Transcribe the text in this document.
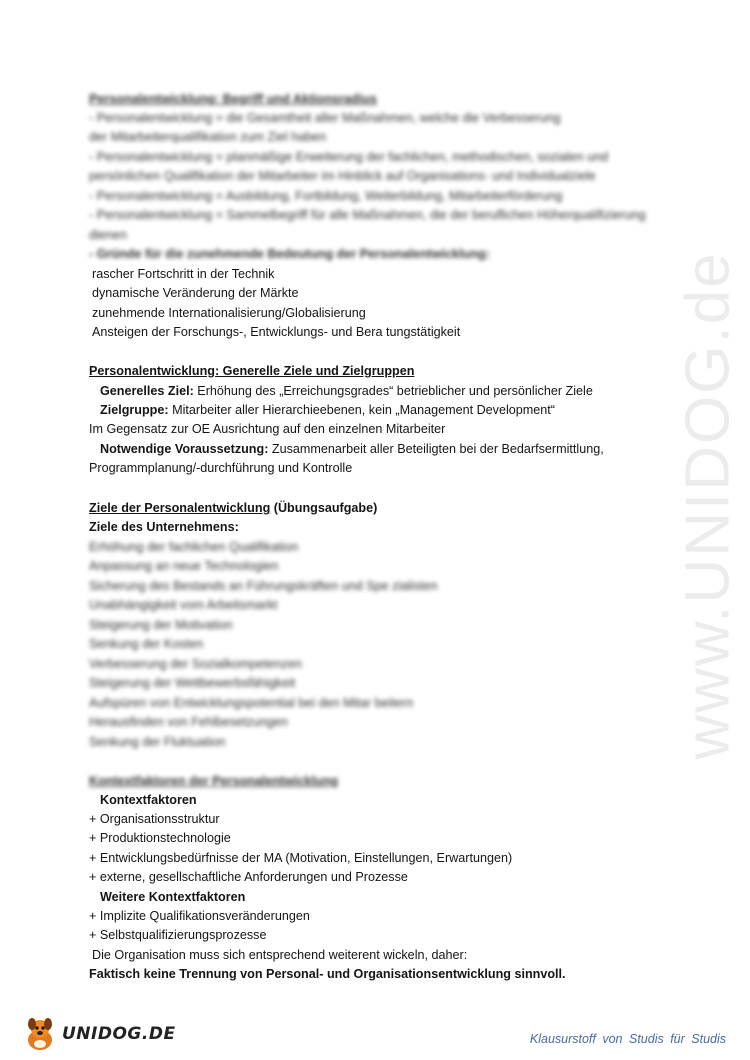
www.UNIDOG.de
Personalentwicklung: Begriff und Aktionsradius
- Personalentwicklung = die Gesamtheit aller Maßnahmen, welche die Verbesserung
der Mitarbeiterqualifikation zum Ziel haben
- Personalentwicklung = planmäßige Erweiterung der fachlichen, methodischen, sozialen und
persönlichen Qualifikation der Mitarbeiter im Hinblick auf Organisations- und Individualziele
- Personalentwicklung = Ausbildung, Fortbildung, Weiterbildung, Mitarbeiterförderung
- Personalentwicklung = Sammelbegriff für alle Maßnahmen, die der beruflichen Höherqualifizierung
dienen
- Gründe für die zunehmende Bedeutung der Personalentwicklung:
rascher Fortschritt in der Technik
dynamische Veränderung der Märkte
zunehmende Internationalisierung/Globalisierung
Ansteigen der Forschungs-, Entwicklungs- und Bera tungstätigkeit
Personalentwicklung: Generelle Ziele und Zielgruppen
Generelles Ziel: Erhöhung des „Erreichungsgrades“ betrieblicher und persönlicher Ziele
Zielgruppe: Mitarbeiter aller Hierarchieebenen, kein „Management Development“
Im Gegensatz zur OE Ausrichtung auf den einzelnen Mitarbeiter
Notwendige Voraussetzung: Zusammenarbeit aller Beteiligten bei der Bedarfsermittlung,
Programmplanung/-durchführung und Kontrolle
Ziele der Personalentwicklung (Übungsaufgabe)
Ziele des Unternehmens:
Erhöhung der fachlichen Qualifikation
Anpassung an neue Technologien
Sicherung des Bestands an Führungskräften und Spe zialisten
Unabhängigkeit vom Arbeitsmarkt
Steigerung der Motivation
Senkung der Kosten
Verbesserung der Sozialkompetenzen
Steigerung der Wettbewerbsfähigkeit
Aufspüren von Entwicklungspotential bei den Mitar beitern
Herausfinden von Fehlbesetzungen
Senkung der Fluktuation
Kontextfaktoren der Personalentwicklung
Kontextfaktoren
+ Organisationsstruktur
+ Produktionstechnologie
+ Entwicklungsbedürfnisse der MA (Motivation, Einstellungen, Erwartungen)
+ externe, gesellschaftliche Anforderungen und Prozesse
Weitere Kontextfaktoren
+ Implizite Qualifikationsveränderungen
+ Selbstqualifizierungsprozesse
Die Organisation muss sich entsprechend weiterent wickeln, daher:
Faktisch keine Trennung von Personal- und Organisationsentwicklung sinnvoll.
UNIDOG.DE	Klausurstoff von Studis für Studis
